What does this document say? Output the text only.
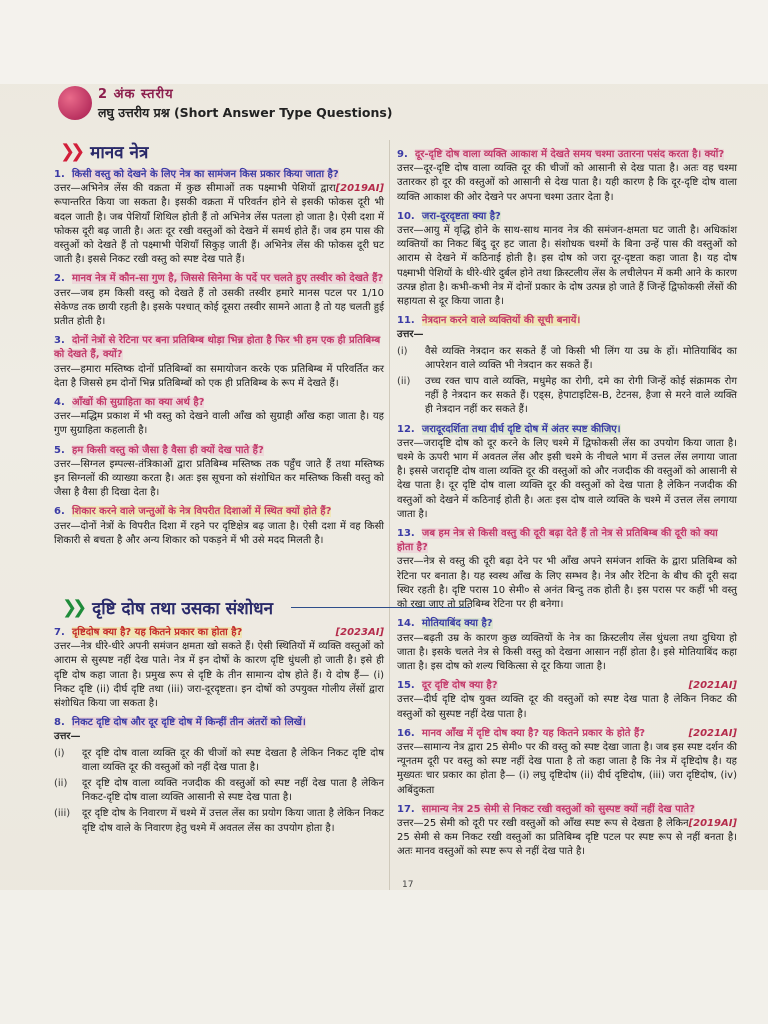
2 अंक स्तरीय
लघु उत्तरीय प्रश्न (Short Answer Type Questions)
❯❯ मानव नेत्र
1. किसी वस्तु को देखने के लिए नेत्र का सामंजन किस प्रकार किया जाता है?
[2019AI]
उत्तर—अभिनेत्र लेंस की वक्रता में कुछ सीमाओं तक पक्ष्माभी पेशियों द्वारा रूपान्तरित किया जा सकता है। इसकी वक्रता में परिवर्तन होने से इसकी फोकस दूरी भी बदल जाती है। जब पेशियाँ शिथिल होती हैं तो अभिनेत्र लेंस पतला हो जाता है। ऐसी दशा में फोकस दूरी बढ़ जाती है। अतः दूर रखी वस्तुओं को देखने में समर्थ होते हैं। जब हम पास की वस्तुओं को देखते हैं तो पक्ष्माभी पेशियाँ सिकुड़ जाती हैं। अभिनेत्र लेंस की फोकस दूरी घट जाती है। इससे निकट रखी वस्तु को स्पष्ट देख पाते हैं।
2. मानव नेत्र में कौन-सा गुण है, जिससे सिनेमा के पर्दे पर चलते हुए तस्वीर को देखते हैं?
उत्तर—जब हम किसी वस्तु को देखते हैं तो उसकी तस्वीर हमारे मानस पटल पर 1/10 सेकेण्ड तक छायी रहती है। इसके पश्चात् कोई दूसरा तस्वीर सामने आता है तो यह चलती हुई प्रतीत होती है।
3. दोनों नेत्रों से रेटिना पर बना प्रतिबिम्ब थोड़ा भिन्न होता है फिर भी हम एक ही प्रतिबिम्ब को देखते हैं, क्यों?
उत्तर—हमारा मस्तिष्क दोनों प्रतिबिम्बों का समायोजन करके एक प्रतिबिम्ब में परिवर्तित कर देता है जिससे हम दोनों भिन्न प्रतिबिम्बों को एक ही प्रतिबिम्ब के रूप में देखते हैं।
4. आँखों की सुग्राहिता का क्या अर्थ है?
उत्तर—मद्धिम प्रकाश में भी वस्तु को देखने वाली आँख को सुग्राही आँख कहा जाता है। यह गुण सुग्राहिता कहलाती है।
5. हम किसी वस्तु को जैसा है वैसा ही क्यों देख पाते हैं?
उत्तर—सिग्नल इम्पल्स-तंत्रिकाओं द्वारा प्रतिबिम्ब मस्तिष्क तक पहुँच जाते हैं तथा मस्तिष्क इन सिग्नलों की व्याख्या करता है। अतः इस सूचना को संशोधित कर मस्तिष्क किसी वस्तु को जैसा है वैसा ही दिखा देता है।
6. शिकार करने वाले जन्तुओं के नेत्र विपरीत दिशाओं में स्थित क्यों होते हैं?
उत्तर—दोनों नेत्रों के विपरीत दिशा में रहने पर दृष्टिक्षेत्र बढ़ जाता है। ऐसी दशा में वह किसी शिकारी से बचता है और अन्य शिकार को पकड़ने में भी उसे मदद मिलती है।
❯❯ दृष्टि दोष तथा उसका संशोधन
7. दृष्टिदोष क्या है? यह कितने प्रकार का होता है?	[2023AI]
उत्तर—नेत्र धीरे-धीरे अपनी समंजन क्षमता खो सकते हैं। ऐसी स्थितियों में व्यक्ति वस्तुओं को आराम से सुस्पष्ट नहीं देख पाते। नेत्र में इन दोषों के कारण दृष्टि धुंधली हो जाती है। इसे ही दृष्टि दोष कहा जाता है। प्रमुख रूप से दृष्टि के तीन सामान्य दोष होते हैं। ये दोष हैं— (i) निकट दृष्टि (ii) दीर्घ दृष्टि तथा (iii) जरा-दूरदृष्टता। इन दोषों को उपयुक्त गोलीय लेंसों द्वारा संशोधित किया जा सकता है।
8. निकट दृष्टि दोष और दूर दृष्टि दोष में किन्हीं तीन अंतरों को लिखें।
उत्तर—
(i)	दूर दृष्टि दोष वाला व्यक्ति दूर की चीजों को स्पष्ट देखता है लेकिन निकट दृष्टि दोष वाला व्यक्ति दूर की वस्तुओं को नहीं देख पाता है।
(ii)	दूर दृष्टि दोष वाला व्यक्ति नजदीक की वस्तुओं को स्पष्ट नहीं देख पाता है लेकिन निकट-दृष्टि दोष वाला व्यक्ति आसानी से स्पष्ट देख पाता है।
(iii)	दूर दृष्टि दोष के निवारण में चश्मे में उत्तल लेंस का प्रयोग किया जाता है लेकिन निकट दृष्टि दोष वाले के निवारण हेतु चश्मे में अवतल लेंस का उपयोग होता है।
9. दूर-दृष्टि दोष वाला व्यक्ति आकाश में देखते समय चश्मा उतारना पसंद करता है। क्यों?
उत्तर—दूर-दृष्टि दोष वाला व्यक्ति दूर की चीजों को आसानी से देख पाता है। अतः वह चश्मा उतारकर हो दूर की वस्तुओं को आसानी से देख पाता है। यही कारण है कि दूर-दृष्टि दोष वाला व्यक्ति आकाश की ओर देखने पर अपना चश्मा उतार देता है।
10. जरा-दूरदृष्टता क्या है?
उत्तर—आयु में वृद्धि होने के साथ-साथ मानव नेत्र की समंजन-क्षमता घट जाती है। अधिकांश व्यक्तियों का निकट बिंदु दूर हट जाता है। संशोधक चश्मों के बिना उन्हें पास की वस्तुओं को आराम से देखने में कठिनाई होती है। इस दोष को जरा दूर-दृष्टता कहा जाता है। यह दोष पक्ष्माभी पेशियों के धीरे-धीरे दुर्बल होने तथा क्रिस्टलीय लेंस के लचीलेपन में कमी आने के कारण उत्पन्न होता है। कभी-कभी नेत्र में दोनों प्रकार के दोष उत्पन्न हो जाते हैं जिन्हें द्विफोकसी लेंसों की सहायता से दूर किया जाता है।
11. नेत्रदान करने वाले व्यक्तियों की सूची बनायें।
उत्तर—
(i)	वैसे व्यक्ति नेत्रदान कर सकते हैं जो किसी भी लिंग या उम्र के हों। मोतियाबिंद का आपरेशन वाले व्यक्ति भी नेत्रदान कर सकते हैं।
(ii)	उच्च रक्त चाप वाले व्यक्ति, मधुमेह का रोगी, दमे का रोगी जिन्हें कोई संक्रामक रोग नहीं है नेत्रदान कर सकते हैं। एड्स, हेपाटाइटिस-B, टेटनस, हैजा से मरने वाले व्यक्ति ही नेत्रदान नहीं कर सकते हैं।
12. जरादूरदर्शिता तथा दीर्घ दृष्टि दोष में अंतर स्पष्ट कीजिए।
उत्तर—जरादृष्टि दोष को दूर करने के लिए चश्मे में द्विफोकसी लेंस का उपयोग किया जाता है। चश्मे के ऊपरी भाग में अवतल लेंस और इसी चश्मे के नीचले भाग में उत्तल लेंस लगाया जाता है। इससे जरादृष्टि दोष वाला व्यक्ति दूर की वस्तुओं को और नजदीक की वस्तुओं को आसानी से देख पाता है। दूर दृष्टि दोष वाला व्यक्ति दूर की वस्तुओं को देख पाता है लेकिन नजदीक की वस्तुओं को देखने में कठिनाई होती है। अतः इस दोष वाले व्यक्ति के चश्मे में उत्तल लेंस लगाया जाता है।
13. जब हम नेत्र से किसी वस्तु की दूरी बढ़ा देते हैं तो नेत्र से प्रतिबिम्ब की दूरी को क्या होता है?
उत्तर—नेत्र से वस्तु की दूरी बढ़ा देने पर भी आँख अपने समंजन शक्ति के द्वारा प्रतिबिम्ब को रेटिना पर बनाता है। यह स्वस्थ आँख के लिए सम्भव है। नेत्र और रेटिना के बीच की दूरी सदा स्थिर रहती है। दृष्टि परास 10 सेमी० से अनंत बिन्दु तक होती है। इस परास पर कहीं भी वस्तु को रखा जाए तो प्रतिबिम्ब रेटिना पर ही बनेगा।
14. मोतियाबिंद क्या है?
उत्तर—बढ़ती उम्र के कारण कुछ व्यक्तियों के नेत्र का क्रिस्टलीय लेंस धुंधला तथा दुधिया हो जाता है। इसके चलते नेत्र से किसी वस्तु को देखना आसान नहीं होता है। इसे मोतियाबिंद कहा जाता है। इस दोष को शल्य चिकित्सा से दूर किया जाता है।
15. दूर दृष्टि दोष क्या है?	[2021AI]
उत्तर—दीर्घ दृष्टि दोष युक्त व्यक्ति दूर की वस्तुओं को स्पष्ट देख पाता है लेकिन निकट की वस्तुओं को सुस्पष्ट नहीं देख पाता है।
16. मानव आँख में दृष्टि दोष क्या है? यह कितने प्रकार के होते हैं?	[2021AI]
उत्तर—सामान्य नेत्र द्वारा 25 सेमी० पर की वस्तु को स्पष्ट देखा जाता है। जब इस स्पष्ट दर्शन की न्यूनतम दूरी पर वस्तु को स्पष्ट नहीं देख पाता है तो कहा जाता है कि नेत्र में दृष्टिदोष है। यह मुख्यतः चार प्रकार का होता है— (i) लघु दृष्टिदोष (ii) दीर्घ दृष्टिदोष, (iii) जरा दृष्टिदोष, (iv) अबिंदुकता
17. सामान्य नेत्र 25 सेमी से निकट रखी वस्तुओं को सुस्पष्ट क्यों नहीं देख पाते?
[2019AI]
उत्तर—25 सेमी को दूरी पर रखी वस्तुओं को आँख स्पष्ट रूप से देखता है लेकिन 25 सेमी से कम निकट रखी वस्तुओं का प्रतिबिम्ब दृष्टि पटल पर स्पष्ट रूप से नहीं बनता है। अतः मानव वस्तुओं को स्पष्ट रूप से नहीं देख पाते है।
17
